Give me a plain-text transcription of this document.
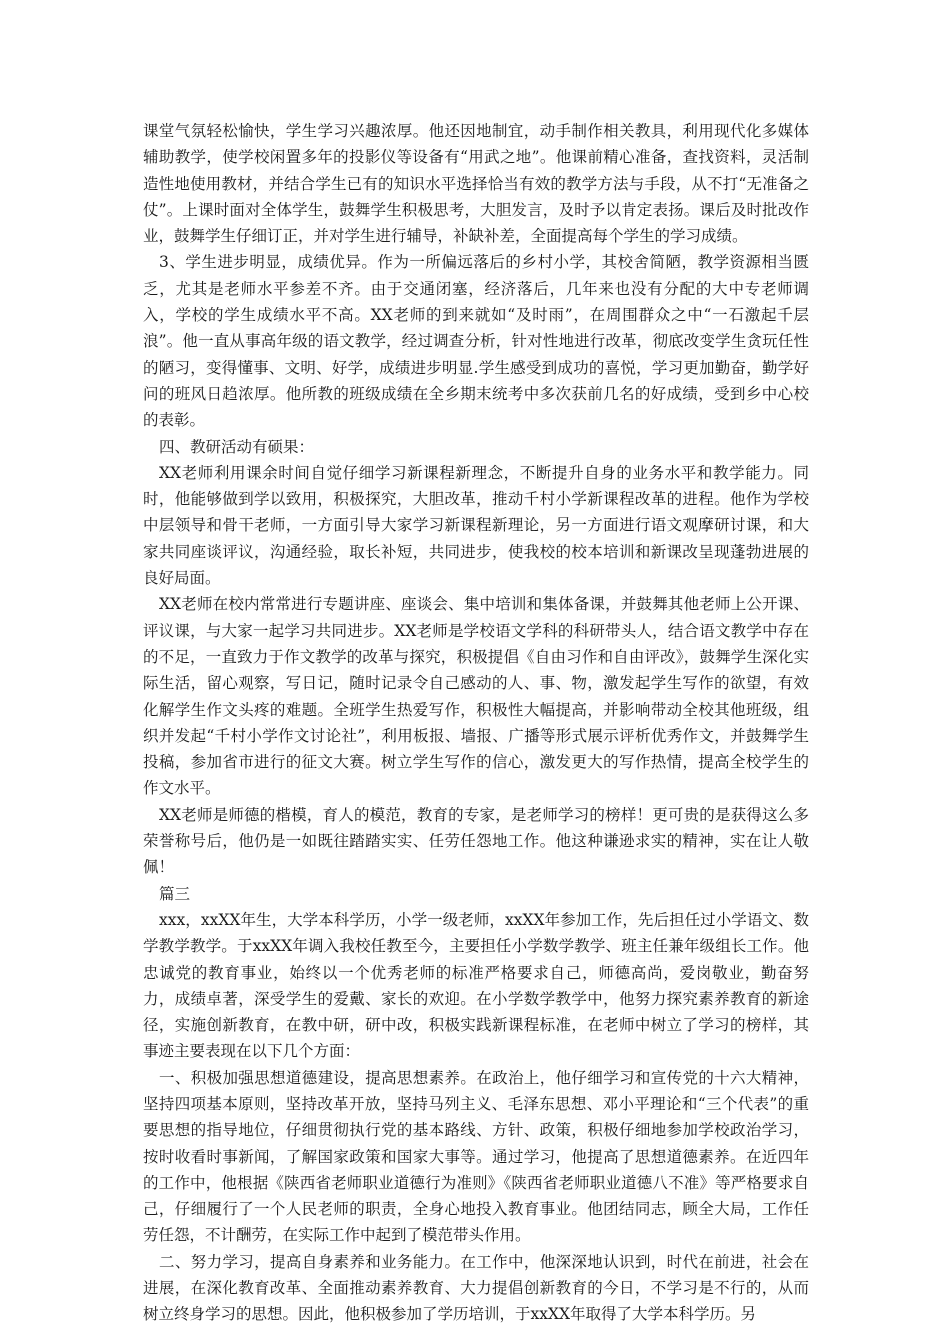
课堂气氛轻松愉快，学生学习兴趣浓厚。他还因地制宜，动手制作相关教具，利用现代化多媒体辅助教学，使学校闲置多年的投影仪等设备有“用武之地”。他课前精心准备，查找资料，灵活制造性地使用教材，并结合学生已有的知识水平选择恰当有效的教学方法与手段，从不打“无准备之仗”。上课时面对全体学生，鼓舞学生积极思考，大胆发言，及时予以肯定表扬。课后及时批改作业，鼓舞学生仔细订正，并对学生进行辅导，补缺补差，全面提高每个学生的学习成绩。

3、学生进步明显，成绩优异。作为一所偏远落后的乡村小学，其校舍简陋，教学资源相当匮乏，尤其是老师水平参差不齐。由于交通闭塞，经济落后，几年来也没有分配的大中专老师调入，学校的学生成绩水平不高。XX老师的到来就如“及时雨”，在周围群众之中“一石激起千层浪”。他一直从事高年级的语文教学，经过调查分析，针对性地进行改革，彻底改变学生贪玩任性的陋习，变得懂事、文明、好学，成绩进步明显.学生感受到成功的喜悦，学习更加勤奋，勤学好问的班风日趋浓厚。他所教的班级成绩在全乡期末统考中多次获前几名的好成绩，受到乡中心校的表彰。

四、教研活动有硕果：

XX老师利用课余时间自觉仔细学习新课程新理念，不断提升自身的业务水平和教学能力。同时，他能够做到学以致用，积极探究，大胆改革，推动千村小学新课程改革的进程。他作为学校中层领导和骨干老师，一方面引导大家学习新课程新理论，另一方面进行语文观摩研讨课，和大家共同座谈评议，沟通经验，取长补短，共同进步，使我校的校本培训和新课改呈现蓬勃进展的良好局面。

XX老师在校内常常进行专题讲座、座谈会、集中培训和集体备课，并鼓舞其他老师上公开课、评议课，与大家一起学习共同进步。XX老师是学校语文学科的科研带头人，结合语文教学中存在的不足，一直致力于作文教学的改革与探究，积极提倡《自由习作和自由评改》，鼓舞学生深化实际生活，留心观察，写日记，随时记录令自己感动的人、事、物，激发起学生写作的欲望，有效化解学生作文头疼的难题。全班学生热爱写作，积极性大幅提高，并影响带动全校其他班级，组织并发起“千村小学作文讨论社”，利用板报、墙报、广播等形式展示评析优秀作文，并鼓舞学生投稿，参加省市进行的征文大赛。树立学生写作的信心，激发更大的写作热情，提高全校学生的作文水平。

XX老师是师德的楷模，育人的模范，教育的专家，是老师学习的榜样！更可贵的是获得这么多荣誉称号后，他仍是一如既往踏踏实实、任劳任怨地工作。他这种谦逊求实的精神，实在让人敬佩！

篇三

xxx，xxXX年生，大学本科学历，小学一级老师，xxXX年参加工作，先后担任过小学语文、数学教学教学。于xxXX年调入我校任教至今，主要担任小学数学教学、班主任兼年级组长工作。他忠诚党的教育事业，始终以一个优秀老师的标准严格要求自己，师德高尚，爱岗敬业，勤奋努力，成绩卓著，深受学生的爱戴、家长的欢迎。在小学数学教学中，他努力探究素养教育的新途径，实施创新教育，在教中研，研中改，积极实践新课程标准，在老师中树立了学习的榜样，其事迹主要表现在以下几个方面：

一、积极加强思想道德建设，提高思想素养。在政治上，他仔细学习和宣传党的十六大精神，坚持四项基本原则，坚持改革开放，坚持马列主义、毛泽东思想、邓小平理论和“三个代表”的重要思想的指导地位，仔细贯彻执行党的基本路线、方针、政策，积极仔细地参加学校政治学习，按时收看时事新闻，了解国家政策和国家大事等。通过学习，他提高了思想道德素养。在近四年的工作中，他根据《陕西省老师职业道德行为准则》《陕西省老师职业道德八不准》等严格要求自己，仔细履行了一个人民老师的职责，全身心地投入教育事业。他团结同志，顾全大局，工作任劳任怨，不计酬劳，在实际工作中起到了模范带头作用。

二、努力学习，提高自身素养和业务能力。在工作中，他深深地认识到，时代在前进，社会在进展，在深化教育改革、全面推动素养教育、大力提倡创新教育的今日，不学习是不行的，从而树立终身学习的思想。因此，他积极参加了学历培训，于xxXX年取得了大学本科学历。另
